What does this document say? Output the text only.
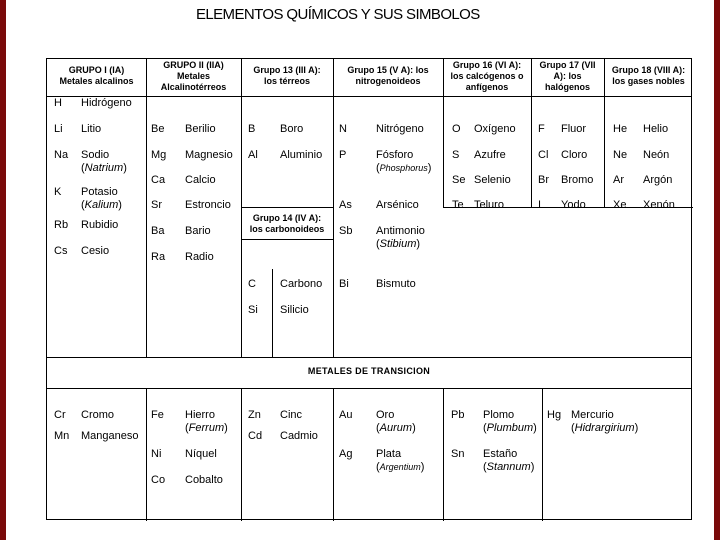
ELEMENTOS QUÍMICOS Y SUS SIMBOLOS
METALES DE TRANSICION
GRUPO I (IA)
Metales alcalinos
GRUPO II (IIA)
Metales
Alcalinotérreos
Grupo 13 (III A):
los térreos
Grupo 15 (V A): los
nitrogenoideos
Grupo 16 (VI A):
los calcógenos o
anfígenos
Grupo 17 (VII
A): los
halógenos
Grupo 18 (VIII A):
los gases nobles
Grupo 14 (IV A):
los carbonoideos
H Hidrógeno
Li Litio
Na Sodio
(Natrium)
K Potasio
(Kalium)
Rb Rubidio
Cs Cesio
Be Berilio
Mg Magnesio
Ca Calcio
Sr Estroncio
Ba Bario
Ra Radio
B Boro
Al Aluminio
C Carbono
Si Silicio
N	Nitrógeno
P	Fósforo
(Phosphorus)
As Arsénico
Sb Antimonio
(Stibium)
Bi Bismuto
O Oxígeno
S Azufre
Se Selenio
Te Teluro
F Fluor
Cl Cloro
Br Bromo
I Yodo
He Helio
Ne Neón
Ar Argón
Xe Xenón
Cr Cromo
Mn Manganeso
Fe Hierro
(Ferrum)
Ni Níquel
Co Cobalto
Zn Cinc
Cd Cadmio
Au Oro
(Aurum)
Ag Plata
(Argentium)
Pb Plomo
(Plumbum)
Sn Estaño
(Stannum)
Hg Mercurio
(Hidrargirium)
